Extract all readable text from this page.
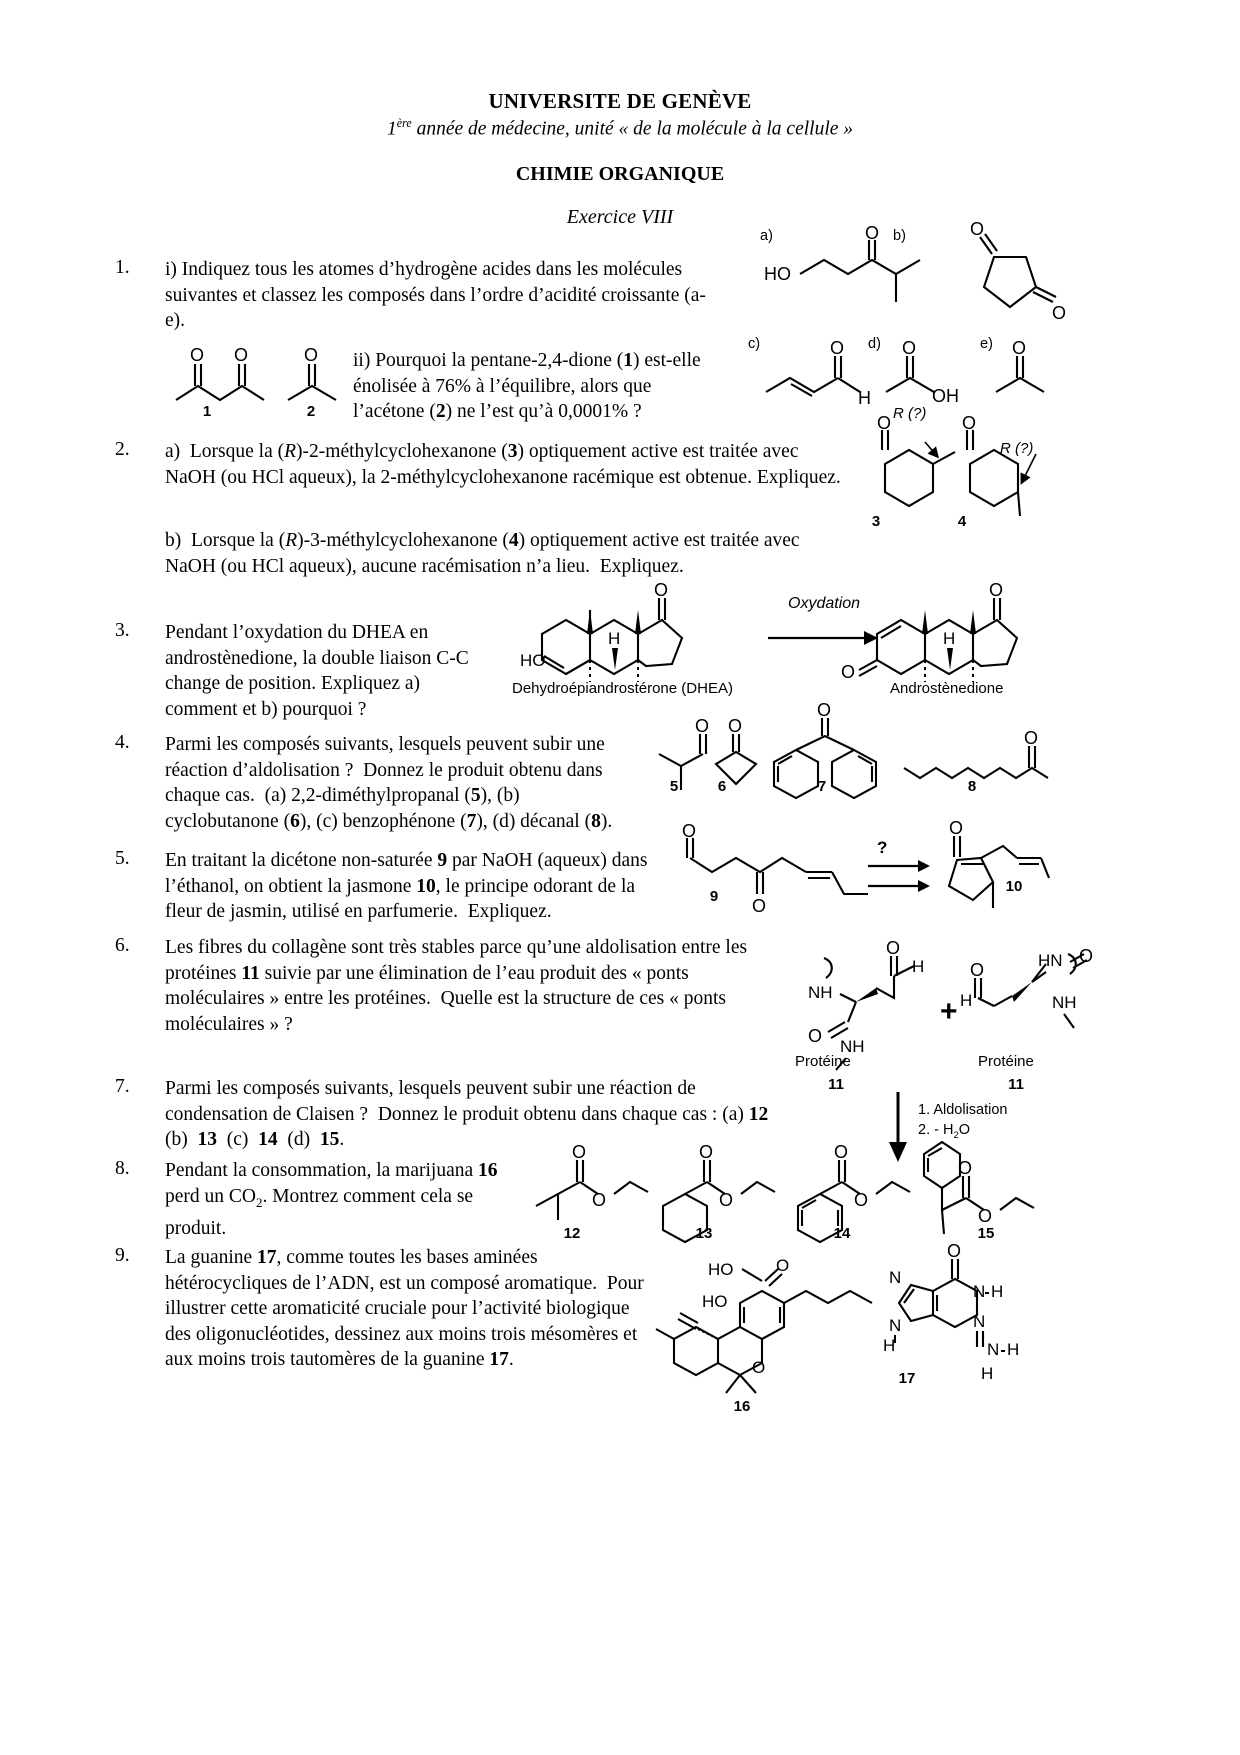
UNIVERSITE DE GENÈVE
1ère année de médecine, unité « de la molécule à la cellule »
CHIMIE ORGANIQUE
Exercice VIII
1. i) Indiquez tous les atomes d’hydrogène acides dans les molécules suivantes et classez les composés dans l’ordre d’acidité croissante (a-e).
a)	b)
HO
O	O
O
ii) Pourquoi la pentane-2,4-dione (1) est-elle énolisée à 76% à l’équilibre, alors que l’acétone (2) ne l’est qu’à 0,0001% ?
O O
1
O
2
c)	d)	e)
O
H
O
OH
O
2. a)  Lorsque la (R)-2-méthylcyclohexanone (3) optiquement active est traitée avec NaOH (ou HCl aqueux), la 2-méthylcyclohexanone racémique est obtenue. Expliquez.
b)  Lorsque la (R)-3-méthylcyclohexanone (4) optiquement active est traitée avec NaOH (ou HCl aqueux), aucune racémisation n’a lieu.  Expliquez.
R (?)
O
3
R (?)
O
4
3. Pendant l’oxydation du DHEA en androstènedione, la double liaison C-C change de position. Expliquez a) comment et b) pourquoi ?
H
HO
O
Oxydation
H
O
O
Dehydroépiandrostérone (DHEA)	Androstènedione
4. Parmi les composés suivants, lesquels peuvent subir une réaction d’aldolisation ?  Donnez le produit obtenu dans chaque cas.  (a) 2,2-diméthylpropanal (5), (b) cyclobutanone (6), (c) benzophénone (7), (d) décanal (8).
O
5
O
6
O
7
O
8
5. En traitant la dicétone non-saturée 9 par NaOH (aqueux) dans l’éthanol, on obtient la jasmone 10, le principe odorant de la fleur de jasmin, utilisé en parfumerie.  Expliquez.
O
O
9
?
O
10
6. Les fibres du collagène sont très stables parce qu’une aldolisation entre les protéines 11 suivie par une élimination de l’eau produit des « ponts moléculaires » entre les protéines.  Quelle est la structure de ces « ponts moléculaires » ?
NH
O
H
O
NH
Protéine
11
+
HN
O
H
O
NH
Protéine
11
1. Aldolisation
2. - $H_2O$
7. Parmi les composés suivants, lesquels peuvent subir une réaction de condensation de Claisen ?  Donnez le produit obtenu dans chaque cas : (a) 12  (b)  13  (c)  14  (d)  15.
8. Pendant la consommation, la marijuana 16 perd un $CO_2$. Montrez comment cela se produit.
O
O
12
O
O
13
O
O
14
O
O
15
9. La guanine 17, comme toutes les bases aminées hétérocycliques de l’ADN, est un composé aromatique.  Pour illustrer cette aromaticité cruciale pour l’activité biologique des oligonucléotides, dessinez aux moins trois mésomères et aux moins trois tautomères de la guanine 17.
HO	O
HO
O
16
O
N H
N
N H
H
N
N
H
17
